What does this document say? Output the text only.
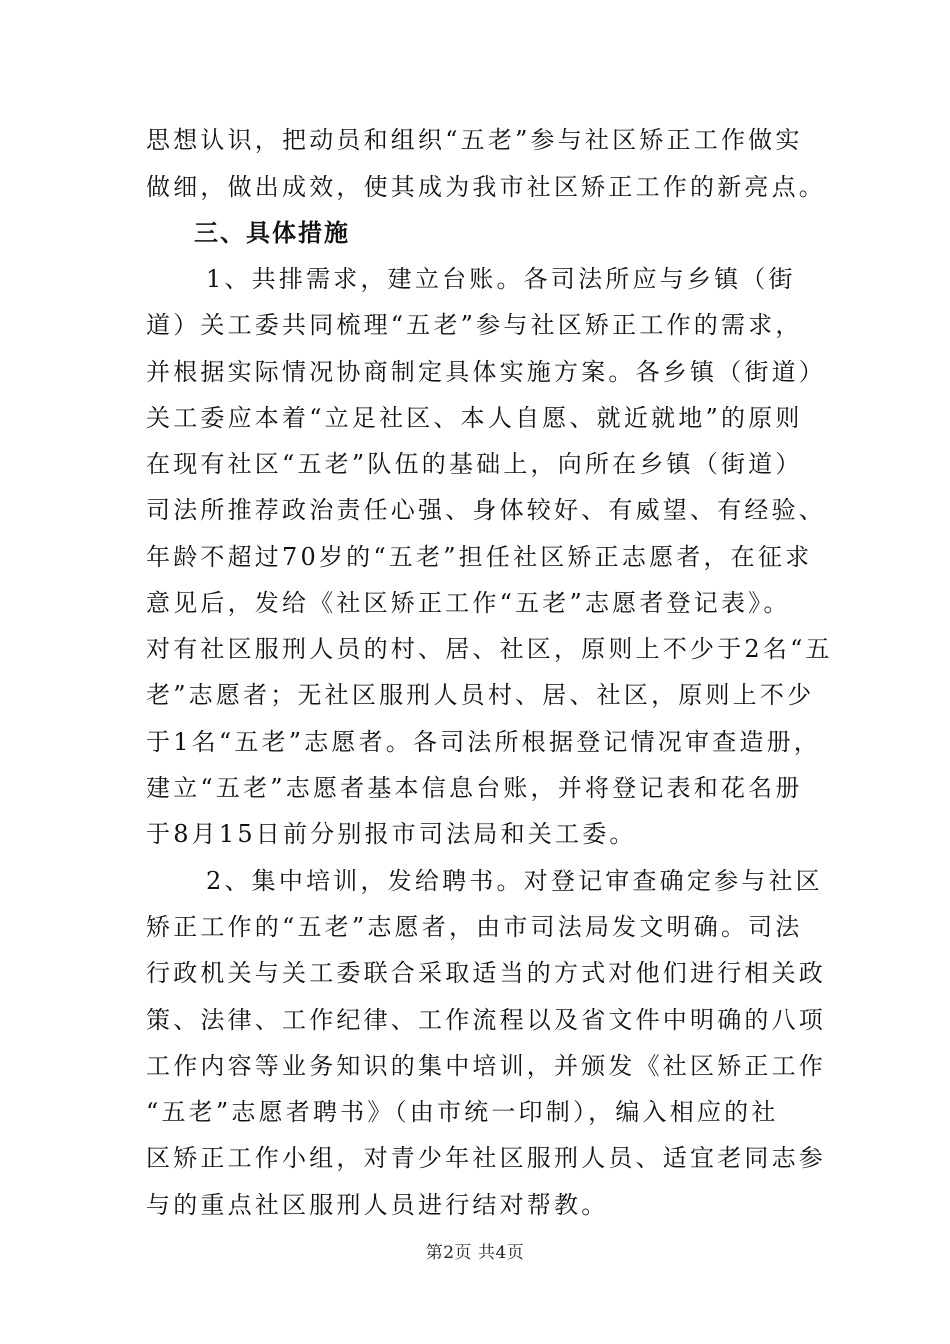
思想认识，把动员和组织“五老”参与社区矫正工作做实
做细，做出成效，使其成为我市社区矫正工作的新亮点。
三、具体措施
1、共排需求，建立台账。各司法所应与乡镇（街
道）关工委共同梳理“五老”参与社区矫正工作的需求，
并根据实际情况协商制定具体实施方案。各乡镇（街道）
关工委应本着“立足社区、本人自愿、就近就地”的原则
在现有社区“五老”队伍的基础上，向所在乡镇（街道）
司法所推荐政治责任心强、身体较好、有威望、有经验、
年龄不超过70岁的“五老”担任社区矫正志愿者，在征求
意见后，发给《社区矫正工作“五老”志愿者登记表》。
对有社区服刑人员的村、居、社区，原则上不少于2名“五
老”志愿者；无社区服刑人员村、居、社区，原则上不少
于1名“五老”志愿者。各司法所根据登记情况审查造册，
建立“五老”志愿者基本信息台账，并将登记表和花名册
于8月15日前分别报市司法局和关工委。
2、集中培训，发给聘书。对登记审查确定参与社区
矫正工作的“五老”志愿者，由市司法局发文明确。司法
行政机关与关工委联合采取适当的方式对他们进行相关政
策、法律、工作纪律、工作流程以及省文件中明确的八项
工作内容等业务知识的集中培训，并颁发《社区矫正工作
“五老”志愿者聘书》（由市统一印制），编入相应的社
区矫正工作小组，对青少年社区服刑人员、适宜老同志参
与的重点社区服刑人员进行结对帮教。
第2页 共4页
